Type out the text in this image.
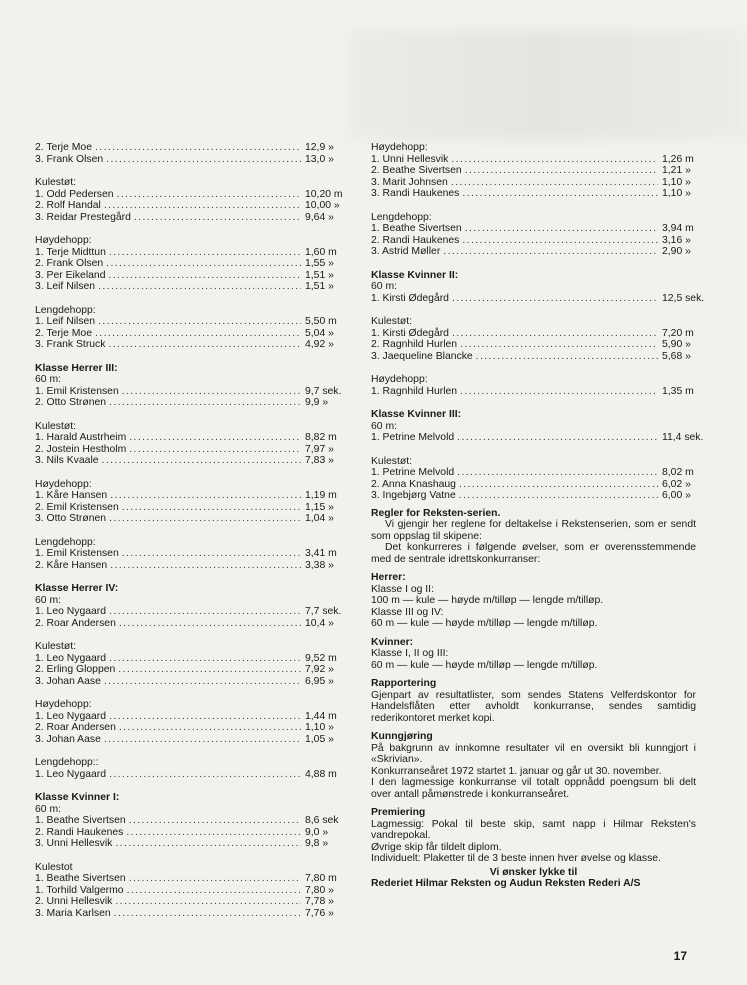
2. Terje Moe .....	12,9 »
3. Frank Olsen .....	13,0 »
Kulestøt:
1. Odd Pedersen .....	10,20 m
2. Rolf Handal .....	10,00 »
3. Reidar Prestegård .....	9,64 »
Høydehopp:
1. Terje Midttun .....	1,60 m
2. Frank Olsen .....	1,55 »
3. Per Eikeland .....	1,51 »
3. Leif Nilsen .....	1,51 »
Lengdehopp:
1. Leif Nilsen .....	5,50 m
2. Terje Moe .....	5,04 »
3. Frank Struck .....	4,92 »
Klasse Herrer III:
60 m:
1. Emil Kristensen .....	9,7 sek.
2. Otto Strønen .....	9,9 »
Kulestøt:
1. Harald Austrheim .....	8,82 m
2. Jostein Hestholm .....	7,97 »
3. Nils Kvaale .....	7,83 »
Høydehopp:
1. Kåre Hansen .....	1,19 m
2. Emil Kristensen .....	1,15 »
3. Otto Strønen .....	1,04 »
Lengdehopp:
1. Emil Kristensen .....	3,41 m
2. Kåre Hansen .....	3,38 »
Klasse Herrer IV:
60 m:
1. Leo Nygaard .....	7,7 sek.
2. Roar Andersen .....	10,4 »
Kulestøt:
1. Leo Nygaard .....	9,52 m
2. Erling Gloppen .....	7,92 »
3. Johan Aase .....	6,95 »
Høydehopp:
1. Leo Nygaard .....	1,44 m
2. Roar Andersen .....	1,10 »
3. Johan Aase .....	1,05 »
Lengdehopp::
1. Leo Nygaard .....	4,88 m
Klasse Kvinner I:
60 m:
1. Beathe Sivertsen .....	8,6 sek
2. Randi Haukenes .....	9,0 »
3. Unni Hellesvik .....	9,8 »
Kulestot
1. Beathe Sivertsen .....	7,80 m
1. Torhild Valgermo .....	7,80 »
2. Unni Hellesvik .....	7,78 »
3. Maria Karlsen .....	7,76 »
Høydehopp:
1. Unni Hellesvik .....	1,26 m
2. Beathe Sivertsen .....	1,21 »
3. Marit Johnsen .....	1,10 »
3. Randi Haukenes .....	1,10 »
Lengdehopp:
1. Beathe Sivertsen .....	3,94 m
2. Randi Haukenes .....	3,16 »
3. Astrid Møller .....	2,90 »
Klasse Kvinner II:
60 m:
1. Kirsti Ødegård .....	12,5 sek.
Kulestøt:
1. Kirsti Ødegård .....	7,20 m
2. Ragnhild Hurlen .....	5,90 »
3. Jaequeline Blancke .....	5,68 »
Høydehopp:
1. Ragnhild Hurlen .....	1,35 m
Klasse Kvinner III:
60 m:
1. Petrine Melvold .....	11,4 sek.
Kulestøt:
1. Petrine Melvold .....	8,02 m
2. Anna Knashaug .....	6,02 »
3. Ingebjørg Vatne .....	6,00 »
Regler for Reksten-serien.

Vi gjengir her reglene for deltakelse i Rekstenserien, som er sendt som oppslag til skipene:

Det konkurreres i følgende øvelser, som er overensstemmende med de sentrale idrettskonkurranser:

Herrer:

Klasse I og II:

100 m — kule — høyde m/tilløp — lengde m/tilløp.

Klasse III og IV:

60 m — kule — høyde m/tilløp — lengde m/tilløp.

Kvinner:

Klasse I, II og III:

60 m — kule — høyde m/tilløp — lengde m/tilløp.

Rapportering

Gjenpart av resultatlister, som sendes Statens Velferdskontor for Handelsflåten etter avholdt konkurranse, sendes samtidig rederikontoret merket kopi.

Kunngjøring

På bakgrunn av innkomne resultater vil en oversikt bli kunngjort i «Skrivian».

Konkurranseåret 1972 startet 1. januar og går ut 30. november.

I den lagmessige konkurranse vil totalt oppnådd poengsum bli delt over antall påmønstrede i konkurranseåret.

Premiering

Lagmessig: Pokal til beste skip, samt napp i Hilmar Reksten's vandrepokal.

Øvrige skip får tildelt diplom.

Individuelt: Plaketter til de 3 beste innen hver øvelse og klasse.

Vi ønsker lykke til
Rederiet Hilmar Reksten og Audun Reksten Rederi A/S
17
